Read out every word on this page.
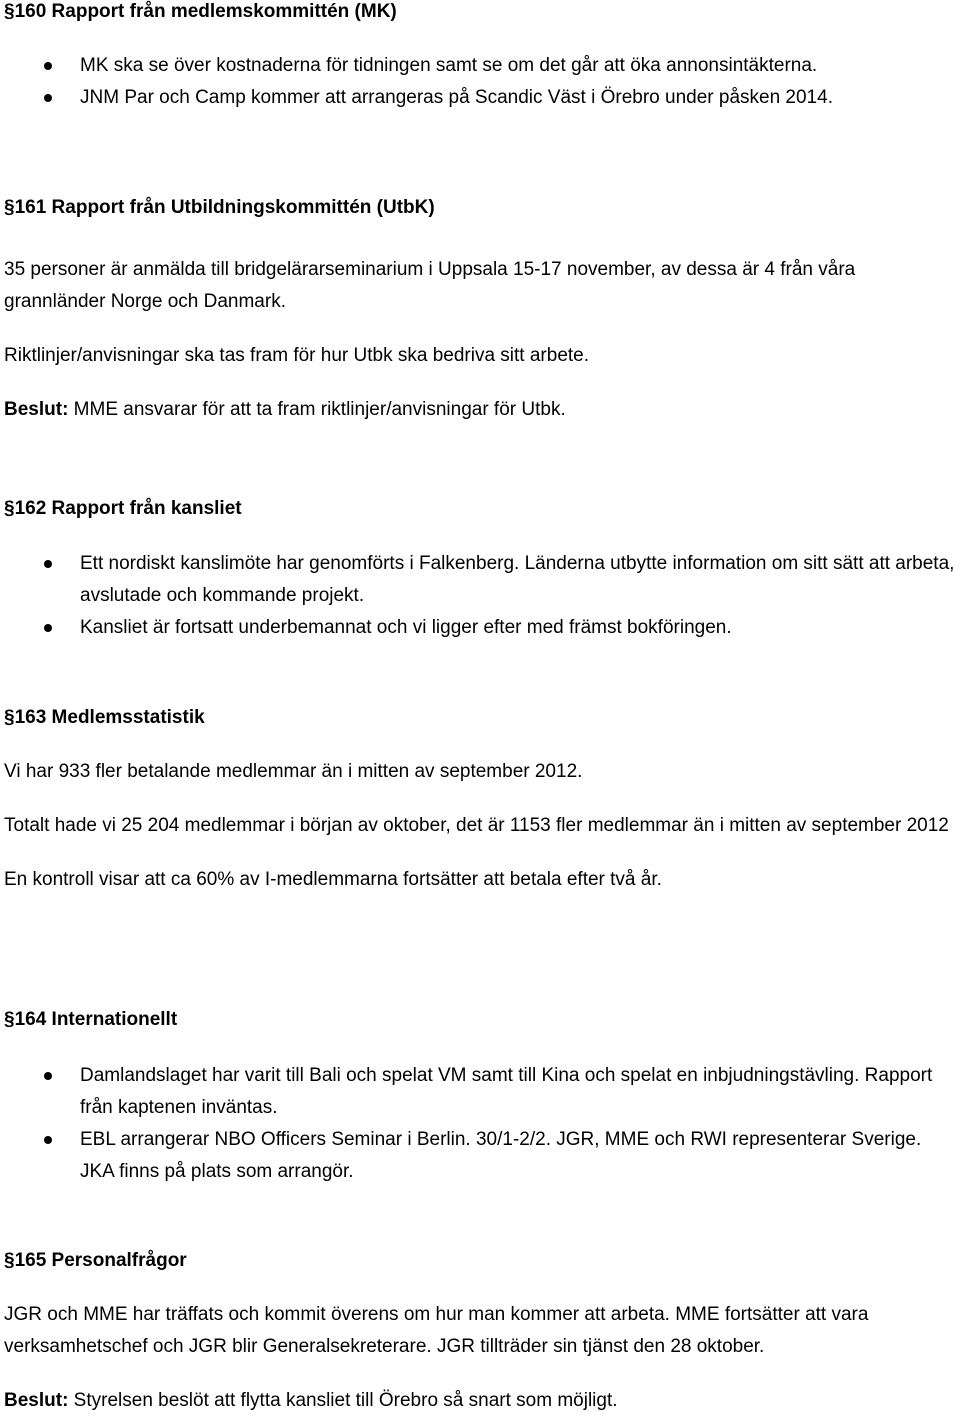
§160 Rapport från medlemskommittén (MK)
MK ska se över kostnaderna för tidningen samt se om det går att öka annonsintäkterna.
JNM Par och Camp kommer att arrangeras på Scandic Väst i Örebro under påsken 2014.
§161 Rapport från Utbildningskommittén (UtbK)

35 personer är anmälda till bridgelärarseminarium i Uppsala 15-17 november, av dessa är 4 från våra grannländer Norge och Danmark.

Riktlinjer/anvisningar ska tas fram för hur Utbk ska bedriva sitt arbete.

Beslut: MME ansvarar för att ta fram riktlinjer/anvisningar för Utbk.

§162 Rapport från kansliet
Ett nordiskt kanslimöte har genomförts i Falkenberg. Länderna utbytte information om sitt sätt att arbeta, avslutade och kommande projekt.
Kansliet är fortsatt underbemannat och vi ligger efter med främst bokföringen.
§163 Medlemsstatistik

Vi har 933 fler betalande medlemmar än i mitten av september 2012.

Totalt hade vi 25 204 medlemmar i början av oktober, det är 1153 fler medlemmar än i mitten av september 2012

En kontroll visar att ca 60% av I-medlemmarna fortsätter att betala efter två år.

§164 Internationellt
Damlandslaget har varit till Bali och spelat VM samt till Kina och spelat en inbjudningstävling. Rapport från kaptenen inväntas.
EBL arrangerar NBO Officers Seminar i Berlin. 30/1-2/2. JGR, MME och RWI representerar Sverige. JKA finns på plats som arrangör.
§165 Personalfrågor

JGR och MME har träffats och kommit överens om hur man kommer att arbeta. MME fortsätter att vara verksamhetschef och JGR blir Generalsekreterare. JGR tillträder sin tjänst den 28 oktober.

Beslut: Styrelsen beslöt att flytta kansliet till Örebro så snart som möjligt.
